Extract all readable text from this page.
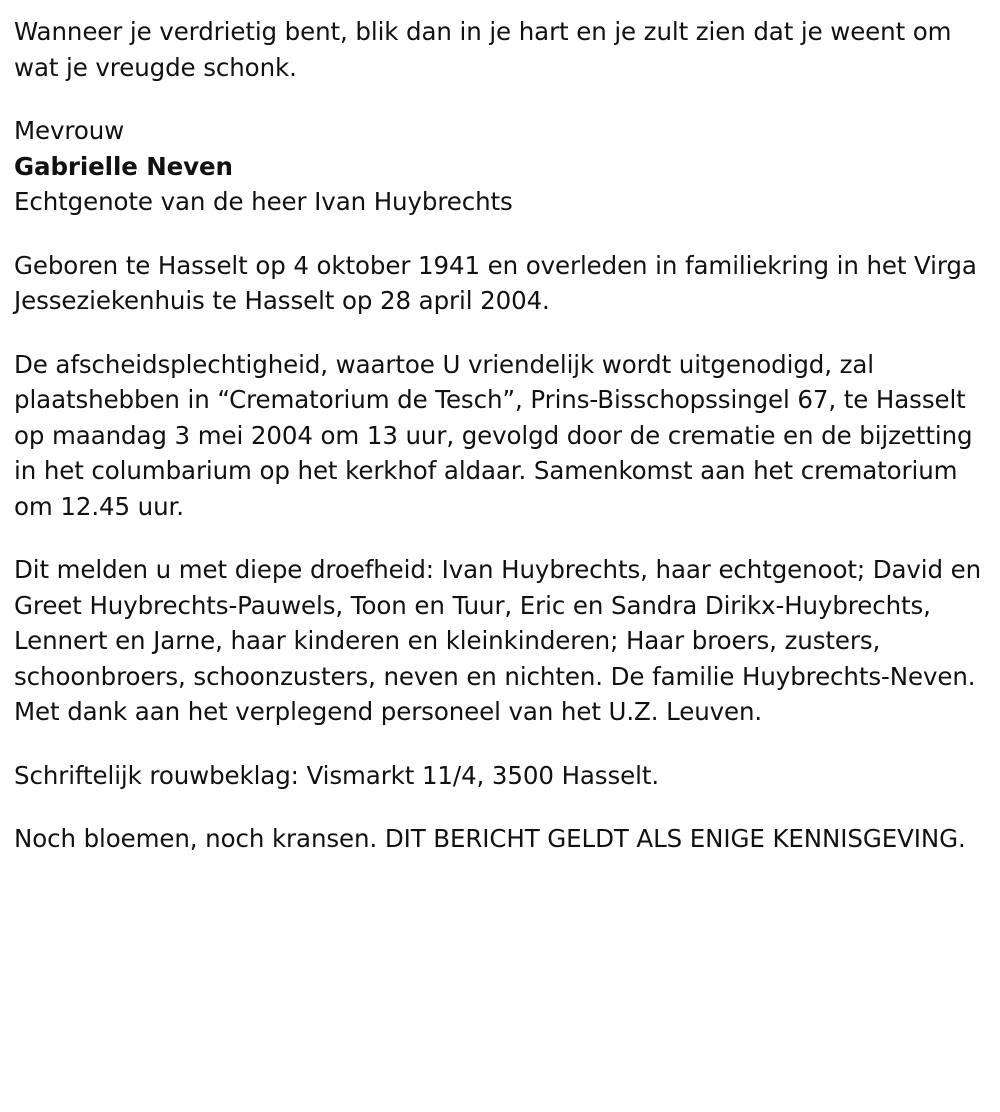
Wanneer je verdrietig bent, blik dan in je hart en je zult zien dat je weent om wat je vreugde schonk.

Mevrouw
Gabrielle Neven
Echtgenote van de heer Ivan Huybrechts

Geboren te Hasselt op 4 oktober 1941 en overleden in familiekring in het Virga Jesseziekenhuis te Hasselt op 28 april 2004.

De afscheidsplechtigheid, waartoe U vriendelijk wordt uitgenodigd, zal plaatshebben in “Crematorium de Tesch”, Prins-Bisschopssingel 67, te Hasselt op maandag 3 mei 2004 om 13 uur, gevolgd door de crematie en de bijzetting in het columbarium op het kerkhof aldaar. Samenkomst aan het crematorium om 12.45 uur.

Dit melden u met diepe droefheid: Ivan Huybrechts, haar echtgenoot; David en Greet Huybrechts-Pauwels, Toon en Tuur, Eric en Sandra Dirikx-Huybrechts, Lennert en Jarne, haar kinderen en kleinkinderen; Haar broers, zusters, schoonbroers, schoonzusters, neven en nichten. De familie Huybrechts-Neven. Met dank aan het verplegend personeel van het U.Z. Leuven.

Schriftelijk rouwbeklag: Vismarkt 11/4, 3500 Hasselt.

Noch bloemen, noch kransen. DIT BERICHT GELDT ALS ENIGE KENNISGEVING.
